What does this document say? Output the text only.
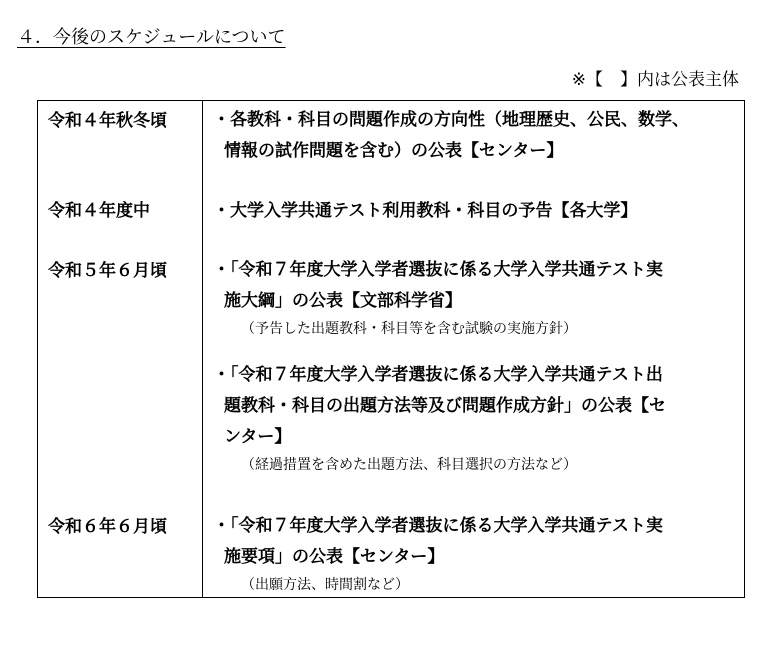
４．今後のスケジュールについて
※【　】内は公表主体
令和４年秋冬頃	・各教科・科目の問題作成の方向性（地理歴史、公民、数学、
情報の試作問題を含む）の公表【センター】
令和４年度中	・大学入学共通テスト利用教科・科目の予告【各大学】
令和５年６月頃	・「令和７年度大学入学者選抜に係る大学入学共通テスト実
施大綱」の公表【文部科学省】
（予告した出題教科・科目等を含む試験の実施方針）
・「令和７年度大学入学者選抜に係る大学入学共通テスト出
題教科・科目の出題方法等及び問題作成方針」の公表【セ
ンター】
（経過措置を含めた出題方法、科目選択の方法など）
令和６年６月頃	・「令和７年度大学入学者選抜に係る大学入学共通テスト実
施要項」の公表【センター】
（出願方法、時間割など）
